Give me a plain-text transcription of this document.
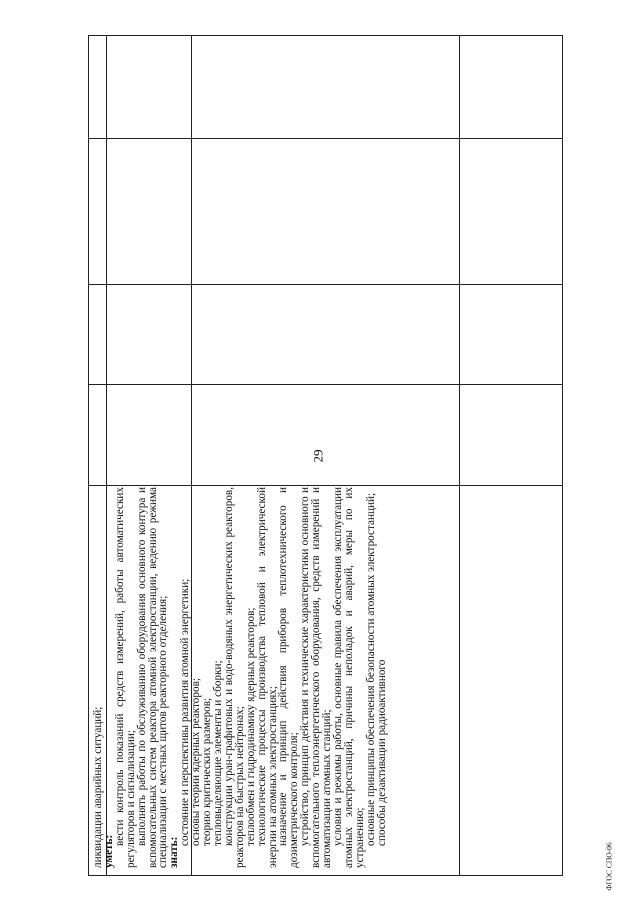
29

ликвидации аварийных ситуаций;

уметь:

вести контроль показаний средств измерений, работы автоматических регуляторов и сигнализации;

выполнять работы по обслуживанию оборудования основного контура и вспомогательных систем реактора атомной электростанции, ведению режима специализации с местных щитов реакторного отделения;

знать:

состояние и перспективы развития атомной энергетики;

основы теории ядерных реакторов;

теорию критических размеров;

тепловыделяющие элементы и сборки;

конструкции уран-графитовых и водо-водяных энергетических реакторов, реакторов на быстрых нейтронах;

теплообмен и гидродинамику ядерных реакторов;

технологические процессы производства тепловой и электрической энергии на атомных электростанциях;

назначение и принцип действия приборов теплотехнического и дозиметрического контроля;

устройство, принцип действия и технические характеристики основного и вспомогательного теплоэнергетического оборудования, средств измерений и автоматизации атомных станций;

условия и режимы работы, основные правила обеспечения эксплуатации атомных электростанций, причины неполадок и аварий, меры по их устранению;

основные принципы обеспечения безопасности атомных электростанций;

способы дезактивации радиоактивного

ФГОС СПО-06
